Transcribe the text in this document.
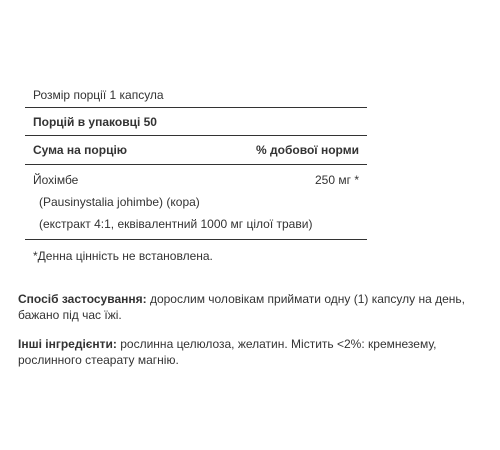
Розмір порції 1 капсула
Порцій в упаковці 50
Сума на порцію	% добової норми
Йохімбе	250 мг *
(Pausinystalia johimbe) (кора)
(екстракт 4:1, еквівалентний 1000 мг цілої трави)
*Денна цінність не встановлена.
Спосіб застосування: дорослим чоловікам приймати одну (1) капсулу на день, бажано під час їжі.
Інші інгредієнти: рослинна целюлоза, желатин. Містить <2%: кремнезему, рослинного стеарату магнію.
